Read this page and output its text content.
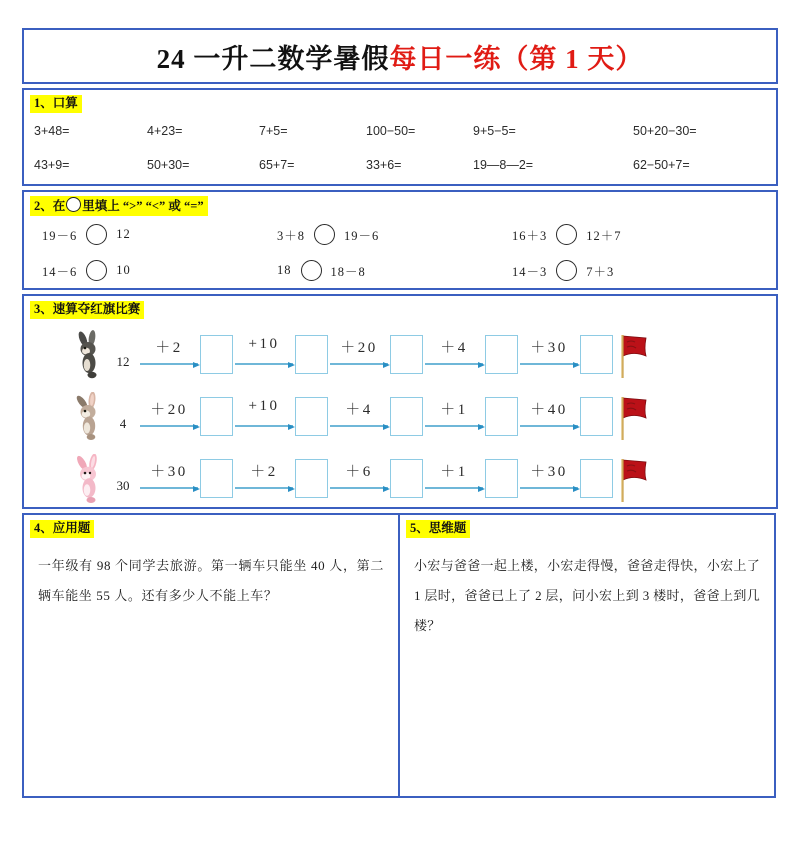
24 一升二数学暑假每日一练（第 1 天）
1、口算
3+48=	4+23=	7+5=	100−50=	9+5−5=	50+20−30=
43+9=	50+30=	65+7=	33+6=	19—8—2=	62−50+7=
2、在 里填上 “>” “<” 或 “=”
19－6	12	3＋8	19－6	16＋3	12＋7
14－6	10	18	18－8	14－3	7＋3
3、速算夺红旗比赛
12
＋2	+10	＋20	＋4	＋30
4
＋20	+10	＋4	＋1	＋40
30
＋30	＋2	＋6	＋1	＋30
4、应用题
一年级有 98 个同学去旅游。第一辆车只能坐 40 人，第二辆车能坐 55 人。还有多少人不能上车？
5、思维题
小宏与爸爸一起上楼，小宏走得慢，爸爸走得快，小宏上了 1 层时，爸爸已上了 2 层，问小宏上到 3 楼时，爸爸上到几楼？
